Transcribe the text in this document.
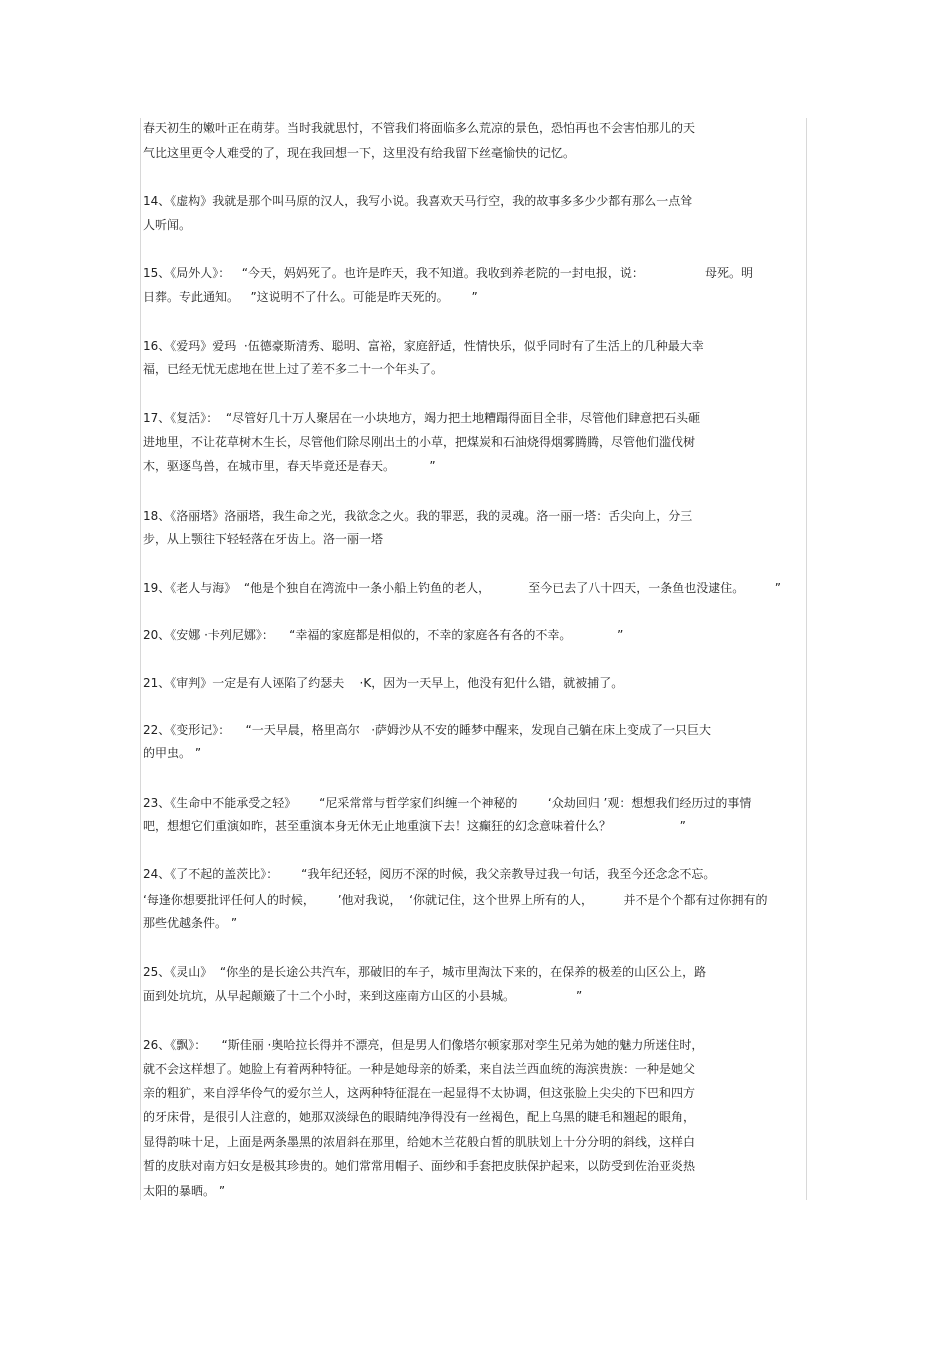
春天初生的嫩叶正在萌芽。当时我就思忖，不管我们将面临多么荒凉的景色，恐怕再也不会害怕那儿的天
气比这里更令人难受的了，现在我回想一下，这里没有给我留下丝毫愉快的记忆。
14、《虚构》我就是那个叫马原的汉人，我写小说。我喜欢天马行空，我的故事多多少少都有那么一点耸
人听闻。
15、《局外人》：   “今天，妈妈死了。也许是昨天，我不知道。我收到养老院的一封电报，说：                母死。明
日葬。专此通知。   ”这说明不了什么。可能是昨天死的。      ”
16、《爱玛》爱玛  ·伍德豪斯清秀、聪明、富裕，家庭舒适，性情快乐，似乎同时有了生活上的几种最大幸
福，已经无忧无虑地在世上过了差不多二十一个年头了。
17、《复活》：  “尽管好几十万人聚居在一小块地方，竭力把土地糟蹋得面目全非，尽管他们肆意把石头砸
进地里，不让花草树木生长，尽管他们除尽刚出土的小草，把煤炭和石油烧得烟雾腾腾，尽管他们滥伐树
木，驱逐鸟兽，在城市里，春天毕竟还是春天。         ”
18、《洛丽塔》洛丽塔，我生命之光，我欲念之火。我的罪恶，我的灵魂。洛一丽一塔：舌尖向上，分三
步，从上颚往下轻轻落在牙齿上。洛一丽一塔
19、《老人与海》  “他是个独自在湾流中一条小船上钓鱼的老人，          至今已去了八十四天，一条鱼也没逮住。        ”
20、《安娜 ·卡列尼娜》：    “幸福的家庭都是相似的，不幸的家庭各有各的不幸。            ”
21、《审判》一定是有人诬陷了约瑟夫    ·K，因为一天早上，他没有犯什么错，就被捕了。
22、《变形记》：    “一天早晨，格里高尔   ·萨姆沙从不安的睡梦中醒来，发现自己躺在床上变成了一只巨大
的甲虫。 ”
23、《生命中不能承受之轻》      “尼采常常与哲学家们纠缠一个神秘的        ‘众劫回归 ’观：想想我们经历过的事情
吧，想想它们重演如昨，甚至重演本身无休无止地重演下去！这癫狂的幻念意味着什么？                  ”
24、《了不起的盖茨比》：      “我年纪还轻，阅历不深的时候，我父亲教导过我一句话，我至今还念念不忘。
‘每逢你想要批评任何人的时候，      ’他对我说，  ‘你就记住，这个世界上所有的人，        并不是个个都有过你拥有的
那些优越条件。 ”
25、《灵山》  “你坐的是长途公共汽车，那破旧的车子，城市里淘汰下来的，在保养的极差的山区公上，路
面到处坑坑，从早起颠簸了十二个小时，来到这座南方山区的小县城。                ”
26、《飘》：    “斯佳丽 ·奥哈拉长得并不漂亮，但是男人们像塔尔顿家那对孪生兄弟为她的魅力所迷住时，
就不会这样想了。她脸上有着两种特征。一种是她母亲的娇柔，来自法兰西血统的海滨贵族：一种是她父
亲的粗犷，来自浮华伶气的爱尔兰人，这两种特征混在一起显得不太协调，但这张脸上尖尖的下巴和四方
的牙床骨，是很引人注意的，她那双淡绿色的眼睛纯净得没有一丝褐色，配上乌黑的睫毛和翘起的眼角，
显得韵味十足，上面是两条墨黑的浓眉斜在那里，给她木兰花般白皙的肌肤划上十分分明的斜线，这样白
皙的皮肤对南方妇女是极其珍贵的。她们常常用帽子、面纱和手套把皮肤保护起来，以防受到佐治亚炎热
太阳的暴晒。 ”
